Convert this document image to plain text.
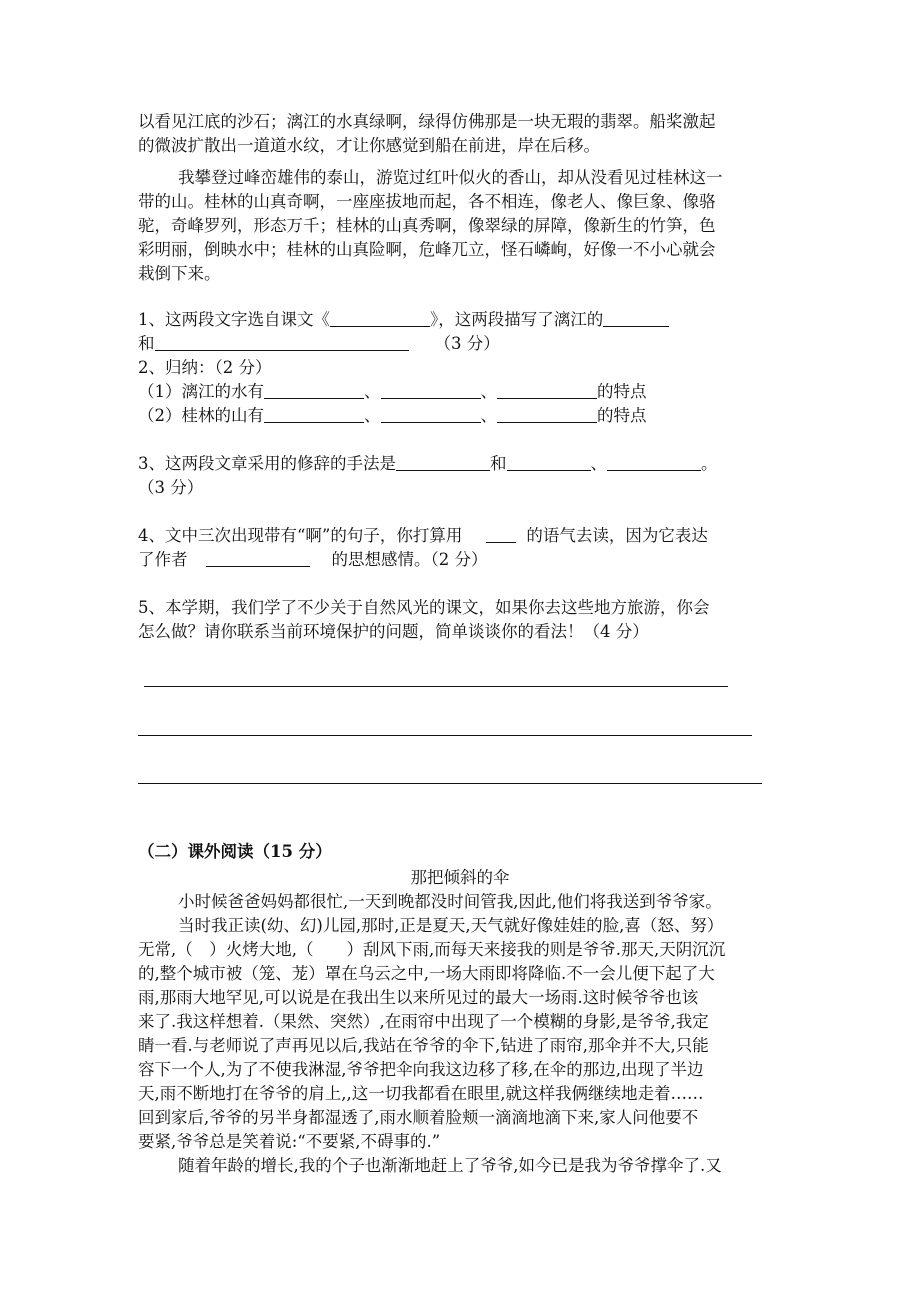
以看见江底的沙石；漓江的水真绿啊，绿得仿佛那是一块无瑕的翡翠。船桨激起
的微波扩散出一道道水纹，才让你感觉到船在前进，岸在后移。
我攀登过峰峦雄伟的泰山，游览过红叶似火的香山，却从没看见过桂林这一
带的山。桂林的山真奇啊，一座座拔地而起，各不相连，像老人、像巨象、像骆
驼，奇峰罗列，形态万千；桂林的山真秀啊，像翠绿的屏障，像新生的竹笋，色
彩明丽，倒映水中；桂林的山真险啊，危峰兀立，怪石嶙峋，好像一不小心就会
栽倒下来。
1、这两段文字选自课文《	》，这两段描写了漓江的
和	（3 分）
2、归纳：（2 分）
（1）漓江的水有	、	、	的特点
（2）桂林的山有	、	、	的特点
3、这两段文章采用的修辞的手法是	和	、	。
（3 分）
4、文中三次出现带有“啊”的句子，你打算用	的语气去读，因为它表达
了作者	的思想感情。（2 分）
5、本学期，我们学了不少关于自然风光的课文，如果你去这些地方旅游，你会
怎么做？请你联系当前环境保护的问题，简单谈谈你的看法！（4 分）
（二）课外阅读（15 分）
那把倾斜的伞
小时候爸爸妈妈都很忙,一天到晚都没时间管我,因此,他们将我送到爷爷家。
当时我正读(幼、幻)儿园,那时,正是夏天,天气就好像娃娃的脸,喜（怒、努）
无常,（　）火烤大地,（　　）刮风下雨,而每天来接我的则是爷爷.那天,天阴沉沉
的,整个城市被（笼、茏）罩在乌云之中,一场大雨即将降临.不一会儿便下起了大
雨,那雨大地罕见,可以说是在我出生以来所见过的最大一场雨.这时候爷爷也该
来了.我这样想着.（果然、突然）,在雨帘中出现了一个模糊的身影,是爷爷,我定
睛一看.与老师说了声再见以后,我站在爷爷的伞下,钻进了雨帘,那伞并不大,只能
容下一个人,为了不使我淋湿,爷爷把伞向我这边移了移,在伞的那边,出现了半边
天,雨不断地打在爷爷的肩上,,这一切我都看在眼里,就这样我俩继续地走着……
回到家后,爷爷的另半身都湿透了,雨水顺着脸颊一滴滴地滴下来,家人问他要不
要紧,爷爷总是笑着说:“不要紧,不碍事的.”
随着年龄的增长,我的个子也渐渐地赶上了爷爷,如今已是我为爷爷撑伞了.又
